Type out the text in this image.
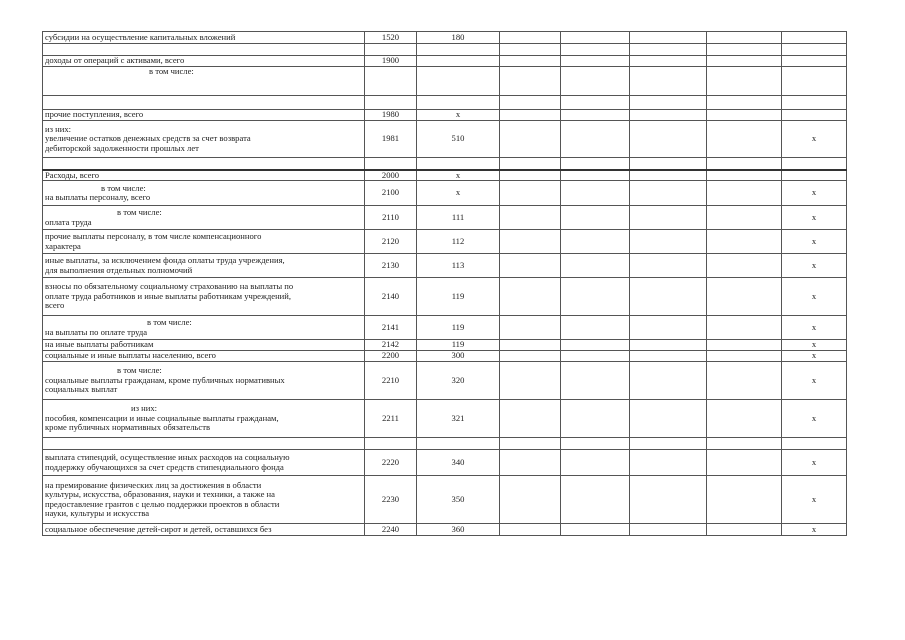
субсидии на осуществление капитальных вложений	1520	180					

доходы от операций с активами, всего	1900						
в том числе:							

прочие поступления, всего	1980	х					
из них:
увеличение остатков денежных средств за счет возврата
дебиторской задолженности прошлых лет	1981	510					х

Расходы, всего	2000	х					

в том числе:
на выплаты персоналу, всего	2100	х					х

в том числе:
оплата труда	2110	111					х
прочие выплаты персоналу, в том числе компенсационного
характера	2120	112					х
иные выплаты, за исключением фонда оплаты труда учреждения,
для выполнения отдельных полномочий	2130	113					х
взносы по обязательному социальному страхованию на выплаты по
оплате труда работников и иные выплаты работникам учреждений,
всего	2140	119					х

в том числе:
на выплаты по оплате труда	2141	119					х
на иные выплаты работникам	2142	119					х
социальные и иные выплаты населению, всего	2200	300					х

в том числе:
социальные выплаты гражданам, кроме публичных нормативных
социальных выплат	2210	320					х

из них:
пособия, компенсации и иные социальные выплаты гражданам,
кроме публичных нормативных обязательств	2211	321					х

выплата стипендий, осуществление иных расходов на социальную
поддержку обучающихся за счет средств стипендиального фонда	2220	340					х
на премирование физических лиц за достижения в области
культуры, искусства, образования, науки и техники, а также на
предоставление грантов с целью поддержки проектов в области
науки, культуры и искусства	2230	350					х
социальное обеспечение детей-сирот и детей, оставшихся без	2240	360					х
